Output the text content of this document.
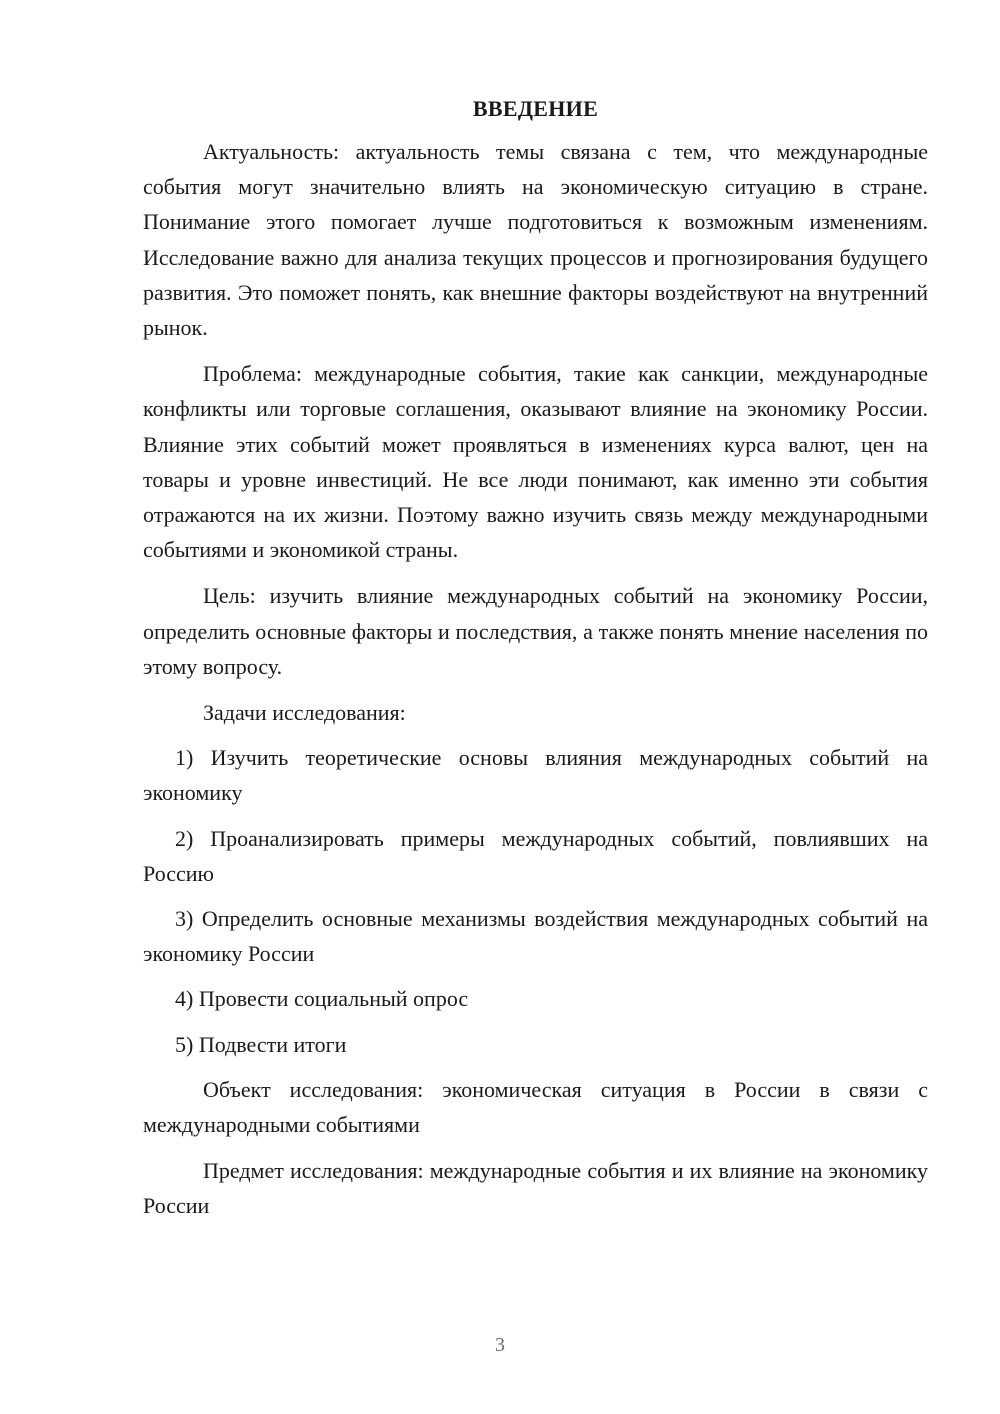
ВВЕДЕНИЕ

Актуальность: актуальность темы связана с тем, что международные события могут значительно влиять на экономическую ситуацию в стране. Понимание этого помогает лучше подготовиться к возможным изменениям. Исследование важно для анализа текущих процессов и прогнозирования будущего развития. Это поможет понять, как внешние факторы воздействуют на внутренний рынок.

Проблема: международные события, такие как санкции, международные конфликты или торговые соглашения, оказывают влияние на экономику России. Влияние этих событий может проявляться в изменениях курса валют, цен на товары и уровне инвестиций. Не все люди понимают, как именно эти события отражаются на их жизни. Поэтому важно изучить связь между международными событиями и экономикой страны.

Цель: изучить влияние международных событий на экономику России, определить основные факторы и последствия, а также понять мнение населения по этому вопросу.

Задачи исследования:

1) Изучить теоретические основы влияния международных событий на экономику

2) Проанализировать примеры международных событий, повлиявших на Россию

3) Определить основные механизмы воздействия международных событий на экономику России

4) Провести социальный опрос

5) Подвести итоги

Объект исследования: экономическая ситуация в России в связи с международными событиями

Предмет исследования: международные события и их влияние на экономику России

3
